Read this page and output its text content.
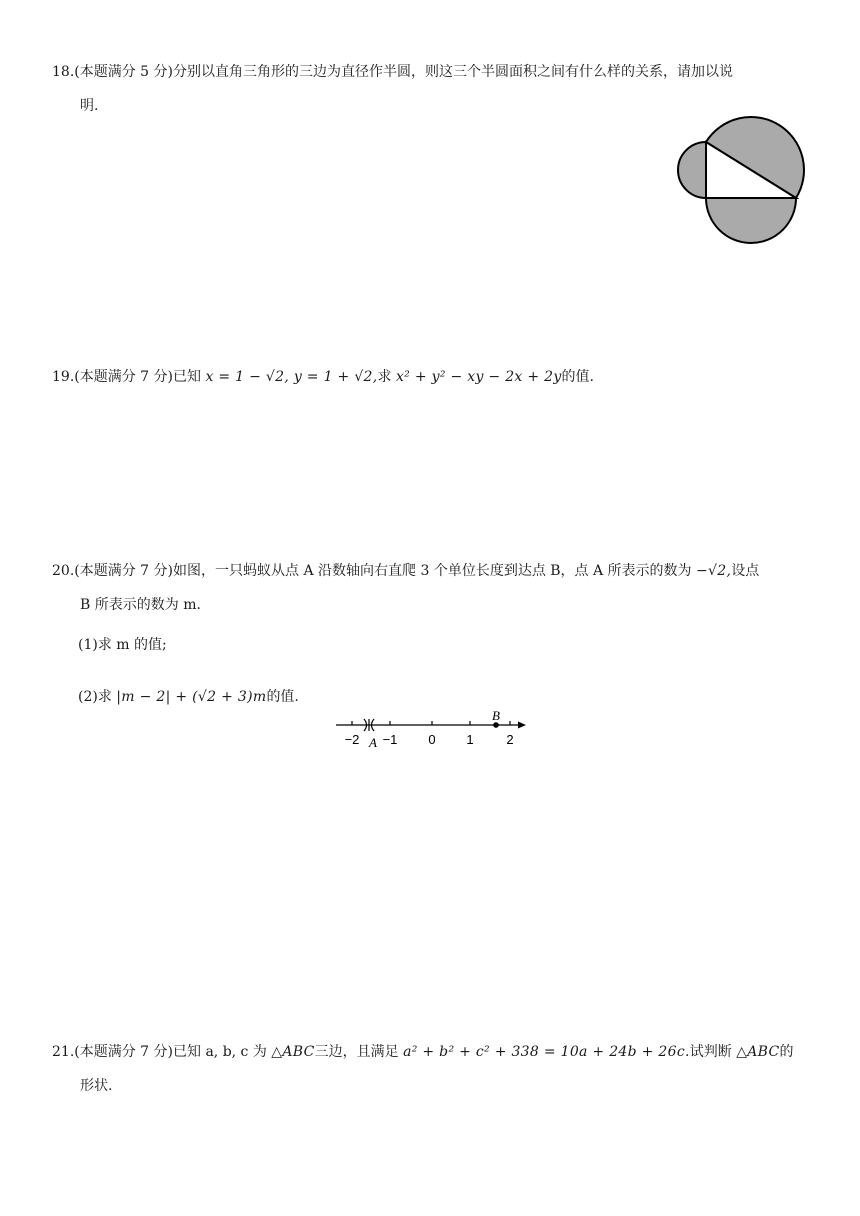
18.(本题满分 5 分)分别以直角三角形的三边为直径作半圆，则这三个半圆面积之间有什么样的关系，请加以说
明.
19.(本题满分 7 分)已知 x = 1 − √2, y = 1 + √2,求 x² + y² − xy − 2x + 2y的值.
20.(本题满分 7 分)如图，一只蚂蚁从点 A 沿数轴向右直爬 3 个单位长度到达点 B，点 A 所表示的数为 −√2,设点
B 所表示的数为 m.
(1)求 m 的值;
(2)求 |m − 2| + (√2 + 3)m的值.
−2 −1 0 1	2
A
B
21.(本题满分 7 分)已知 a, b, c 为 △ABC三边，且满足 a² + b² + c² + 338 = 10a + 24b + 26c.试判断 △ABC的
形状.
